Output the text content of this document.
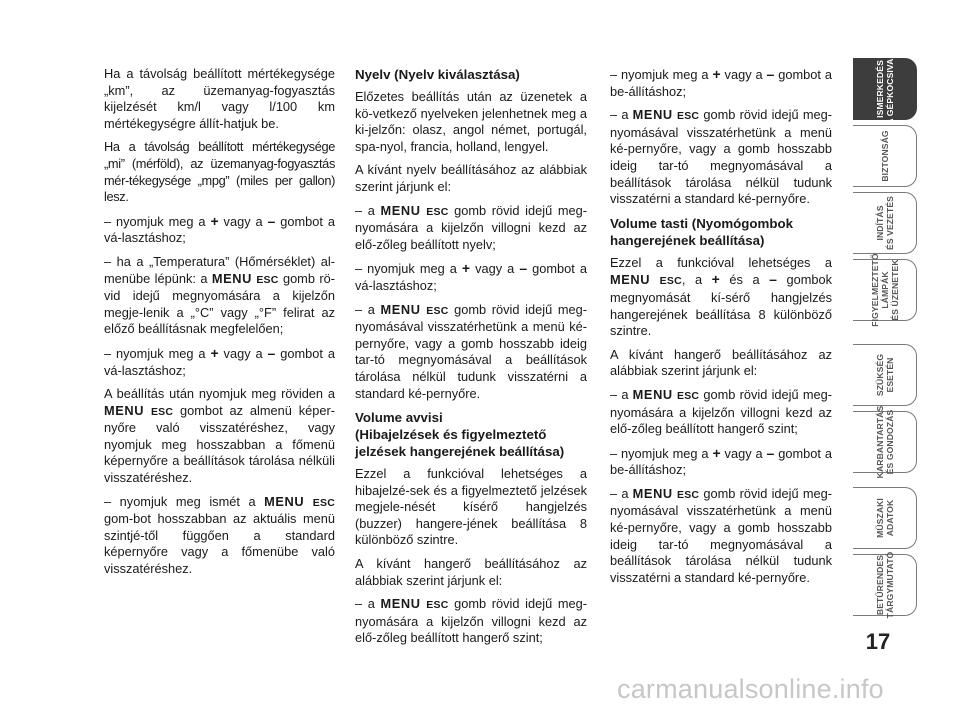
Ha a távolság beállított mértékegysége „km”, az üzemanyag-fogyasztás kijelzését km/l vagy l/100 km mértékegységre állít-hatjuk be.

Ha a távolság beállított mértékegysége „mi” (mérföld), az üzemanyag-fogyasztás mér-tékegysége „mpg” (miles per gallon) lesz.

– nyomjuk meg a + vagy a – gombot a vá-lasztáshoz;

– ha a „Temperatura” (Hőmérséklet) al-menübe lépünk: a MENU ESC gomb rö-vid idejű megnyomására a kijelzőn megje-lenik a „°C” vagy „°F” felirat az előző beállításnak megfelelően;

– nyomjuk meg a + vagy a – gombot a vá-lasztáshoz;

A beállítás után nyomjuk meg röviden a MENU ESC gombot az almenü képer-nyőre való visszatéréshez, vagy nyomjuk meg hosszabban a főmenü képernyőre a beállítások tárolása nélküli visszatéréshez.

– nyomjuk meg ismét a MENU ESC gom-bot hosszabban az aktuális menü szintjé-től függően a standard képernyőre vagy a főmenübe való visszatéréshez.

Nyelv (Nyelv kiválasztása)

Előzetes beállítás után az üzenetek a kö-vetkező nyelveken jelenhetnek meg a ki-jelzőn: olasz, angol német, portugál, spa-nyol, francia, holland, lengyel.

A kívánt nyelv beállításához az alábbiak szerint járjunk el:

– a MENU ESC gomb rövid idejű meg-nyomására a kijelzőn villogni kezd az elő-zőleg beállított nyelv;

– nyomjuk meg a + vagy a – gombot a vá-lasztáshoz;

– a MENU ESC gomb rövid idejű meg-nyomásával visszatérhetünk a menü ké-pernyőre, vagy a gomb hosszabb ideig tar-tó megnyomásával a beállítások tárolása nélkül tudunk visszatérni a standard ké-pernyőre.

Volume avvisi
(Hibajelzések és figyelmeztető jelzések hangerejének beállítása)

Ezzel a funkcióval lehetséges a hibajelzé-sek és a figyelmeztető jelzések megjele-nését kísérő hangjelzés (buzzer) hangere-jének beállítása 8 különböző szintre.

A kívánt hangerő beállításához az alábbiak szerint járjunk el:

– a MENU ESC gomb rövid idejű meg-nyomására a kijelzőn villogni kezd az elő-zőleg beállított hangerő szint;

– nyomjuk meg a + vagy a – gombot a be-állításhoz;

– a MENU ESC gomb rövid idejű meg-nyomásával visszatérhetünk a menü ké-pernyőre, vagy a gomb hosszabb ideig tar-tó megnyomásával a beállítások tárolása nélkül tudunk visszatérni a standard ké-pernyőre.

Volume tasti (Nyomógombok hangerejének beállítása)

Ezzel a funkcióval lehetséges a MENU ESC, a + és a – gombok megnyomását kí-sérő hangjelzés hangerejének beállítása 8 különböző szintre.

A kívánt hangerő beállításához az alábbiak szerint járjunk el:

– a MENU ESC gomb rövid idejű meg-nyomására a kijelzőn villogni kezd az elő-zőleg beállított hangerő szint;

– nyomjuk meg a + vagy a – gombot a be-állításhoz;

– a MENU ESC gomb rövid idejű meg-nyomásával visszatérhetünk a menü ké-pernyőre, vagy a gomb hosszabb ideig tar-tó megnyomásával a beállítások tárolása nélkül tudunk visszatérni a standard ké-pernyőre.

ISMERKEDÉS
A GÉPKOCSIVAL
BIZTONSÁG
INDÍTÁS
ÉS VEZETÉS
FIGYELMEZTETŐ
LÁMPÁK
ÉS ÜZENETEK
SZÜKSÉG
ESETÉN
KARBANTARTÁS
ÉS GONDOZÁS
MŰSZAKI
ADATOK
BETŰRENDES
TÁRGYMUTATÓ
17
carmanualsonline.info
